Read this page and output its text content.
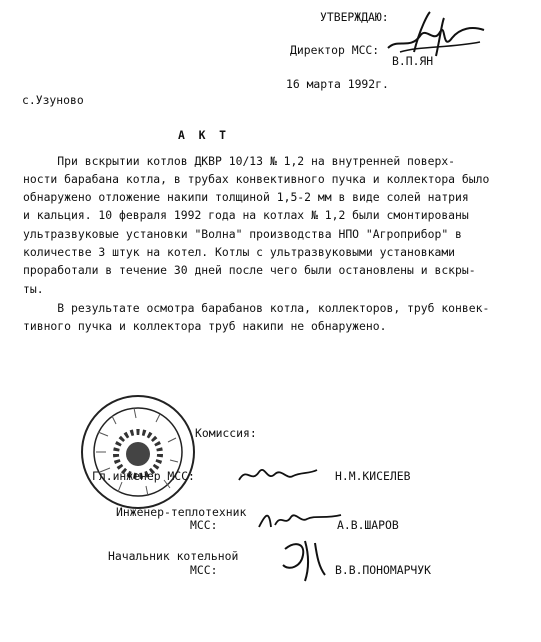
УТВЕРЖДАЮ:
Директор МСС:
В.П.ЯН
16 марта 1992г.
с.Узуново
А  К  Т
При вскрытии котлов ДКВР 10/13 № 1,2 на внутренней поверх-
ности барабана котла, в трубах конвективного пучка и коллектора было
обнаружено отложение накипи толщиной 1,5-2 мм в виде солей натрия
и кальция. 10 февраля 1992 года на котлах № 1,2 были смонтированы
ультразвуковые установки "Волна" производства НПО "Агроприбор" в
количестве 3 штук на котел. Котлы с ультразвуковыми установками
проработали в течение 30 дней после чего были остановлены и вскры-
ты.
В результате осмотра барабанов котла, коллекторов, труб конвек-
тивного пучка и коллектора труб накипи не обнаружено.
Комиссия:
Гл.инженер МСС:	Н.М.КИСЕЛЕВ
Инженер-теплотехник
МСС:	А.В.ШАРОВ
Начальник котельной
МСС:	В.В.ПОНОМАРЧУК
